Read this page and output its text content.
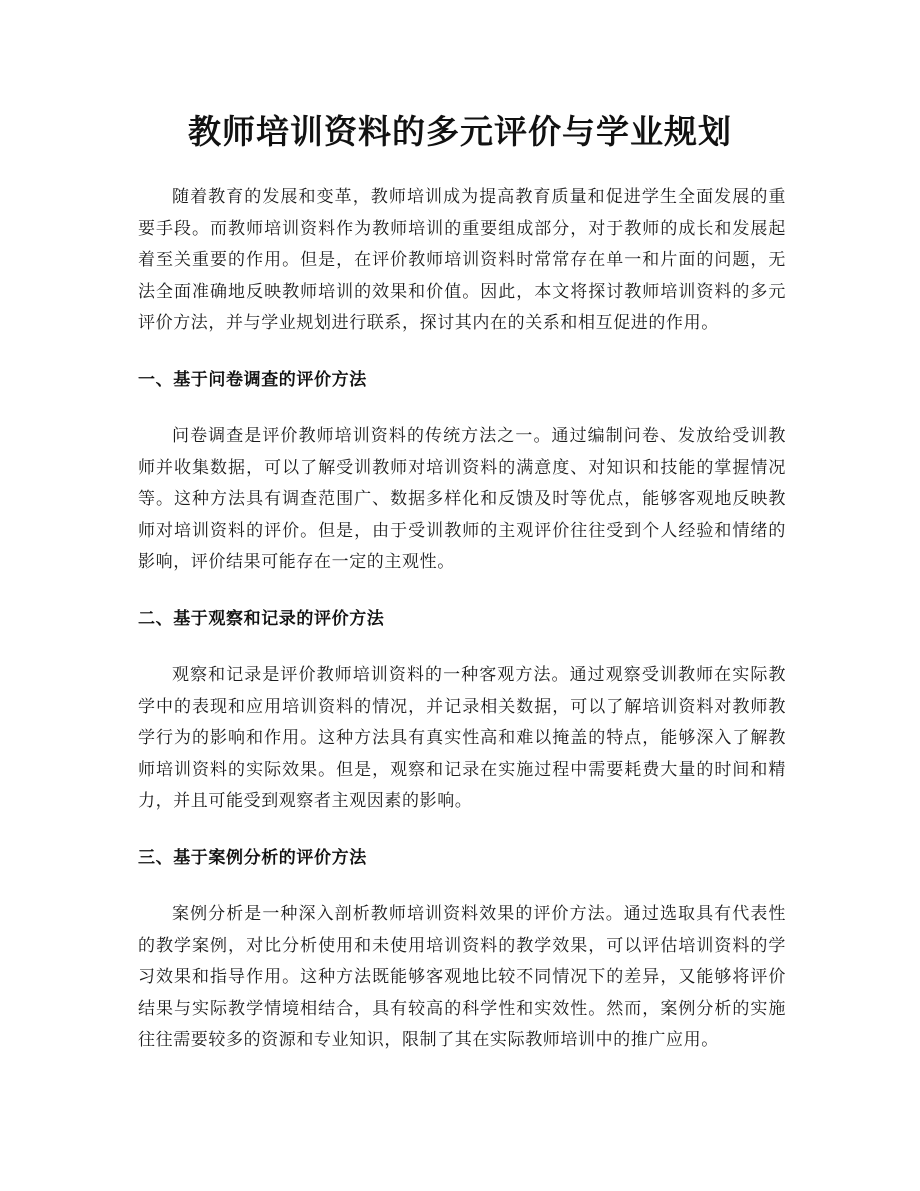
教师培训资料的多元评价与学业规划

随着教育的发展和变革，教师培训成为提高教育质量和促进学生全面发展的重要手段。而教师培训资料作为教师培训的重要组成部分，对于教师的成长和发展起着至关重要的作用。但是，在评价教师培训资料时常常存在单一和片面的问题，无法全面准确地反映教师培训的效果和价值。因此，本文将探讨教师培训资料的多元评价方法，并与学业规划进行联系，探讨其内在的关系和相互促进的作用。

一、基于问卷调查的评价方法

问卷调查是评价教师培训资料的传统方法之一。通过编制问卷、发放给受训教师并收集数据，可以了解受训教师对培训资料的满意度、对知识和技能的掌握情况等。这种方法具有调查范围广、数据多样化和反馈及时等优点，能够客观地反映教师对培训资料的评价。但是，由于受训教师的主观评价往往受到个人经验和情绪的影响，评价结果可能存在一定的主观性。

二、基于观察和记录的评价方法

观察和记录是评价教师培训资料的一种客观方法。通过观察受训教师在实际教学中的表现和应用培训资料的情况，并记录相关数据，可以了解培训资料对教师教学行为的影响和作用。这种方法具有真实性高和难以掩盖的特点，能够深入了解教师培训资料的实际效果。但是，观察和记录在实施过程中需要耗费大量的时间和精力，并且可能受到观察者主观因素的影响。

三、基于案例分析的评价方法

案例分析是一种深入剖析教师培训资料效果的评价方法。通过选取具有代表性的教学案例，对比分析使用和未使用培训资料的教学效果，可以评估培训资料的学习效果和指导作用。这种方法既能够客观地比较不同情况下的差异，又能够将评价结果与实际教学情境相结合，具有较高的科学性和实效性。然而，案例分析的实施往往需要较多的资源和专业知识，限制了其在实际教师培训中的推广应用。
